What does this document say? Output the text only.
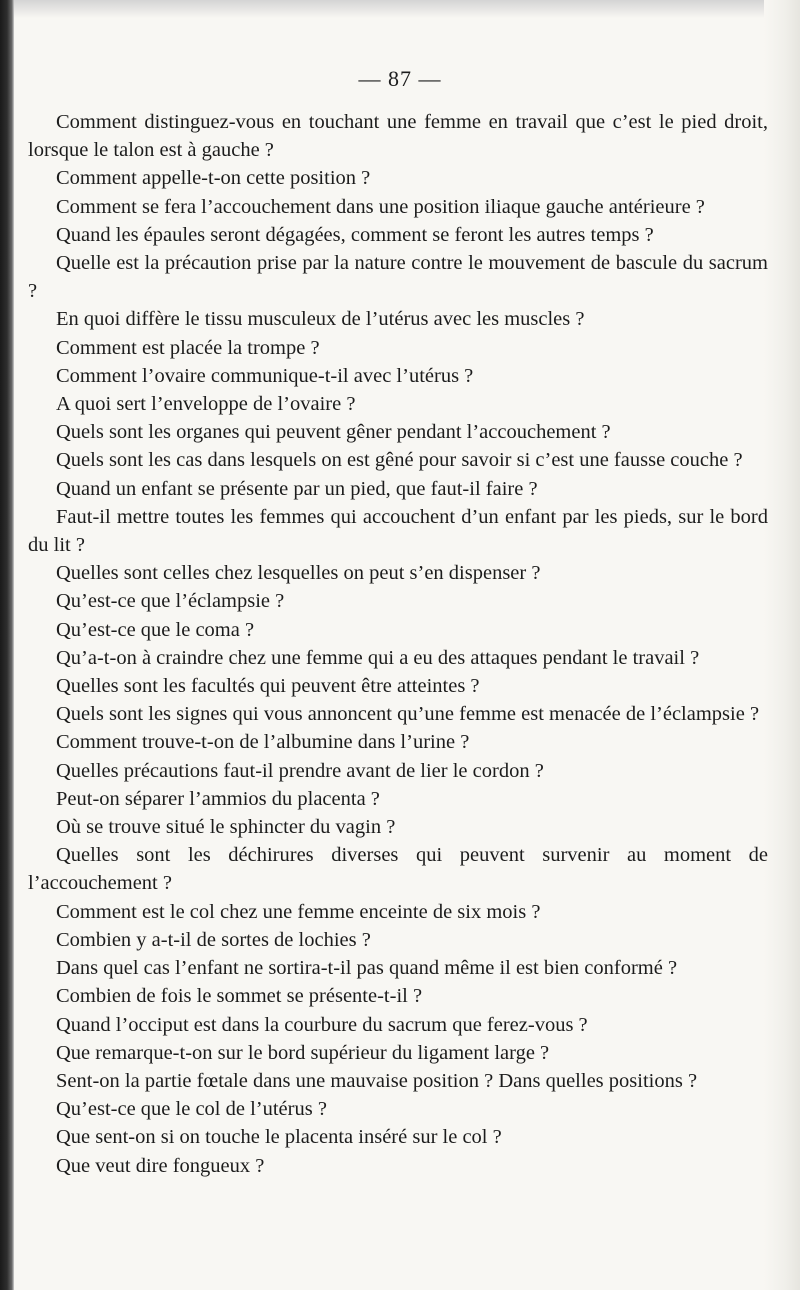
— 87 —

Comment distinguez-vous en touchant une femme en travail que c’est le pied droit, lorsque le talon est à gauche ?

Comment appelle-t-on cette position ?

Comment se fera l’accouchement dans une position iliaque gauche antérieure ?

Quand les épaules seront dégagées, comment se feront les autres temps ?

Quelle est la précaution prise par la nature contre le mouvement de bascule du sacrum ?

En quoi diffère le tissu musculeux de l’utérus avec les muscles ?

Comment est placée la trompe ?

Comment l’ovaire communique-t-il avec l’utérus ?

A quoi sert l’enveloppe de l’ovaire ?

Quels sont les organes qui peuvent gêner pendant l’accouchement ?

Quels sont les cas dans lesquels on est gêné pour savoir si c’est une fausse couche ?

Quand un enfant se présente par un pied, que faut-il faire ?

Faut-il mettre toutes les femmes qui accouchent d’un enfant par les pieds, sur le bord du lit ?

Quelles sont celles chez lesquelles on peut s’en dispenser ?

Qu’est-ce que l’éclampsie ?

Qu’est-ce que le coma ?

Qu’a-t-on à craindre chez une femme qui a eu des attaques pendant le travail ?

Quelles sont les facultés qui peuvent être atteintes ?

Quels sont les signes qui vous annoncent qu’une femme est menacée de l’éclampsie ?

Comment trouve-t-on de l’albumine dans l’urine ?

Quelles précautions faut-il prendre avant de lier le cordon ?

Peut-on séparer l’ammios du placenta ?

Où se trouve situé le sphincter du vagin ?

Quelles sont les déchirures diverses qui peuvent survenir au moment de l’accouchement ?

Comment est le col chez une femme enceinte de six mois ?

Combien y a-t-il de sortes de lochies ?

Dans quel cas l’enfant ne sortira-t-il pas quand même il est bien conformé ?

Combien de fois le sommet se présente-t-il ?

Quand l’occiput est dans la courbure du sacrum que ferez-vous ?

Que remarque-t-on sur le bord supérieur du ligament large ?

Sent-on la partie fœtale dans une mauvaise position ? Dans quelles positions ?

Qu’est-ce que le col de l’utérus ?

Que sent-on si on touche le placenta inséré sur le col ?

Que veut dire fongueux ?
